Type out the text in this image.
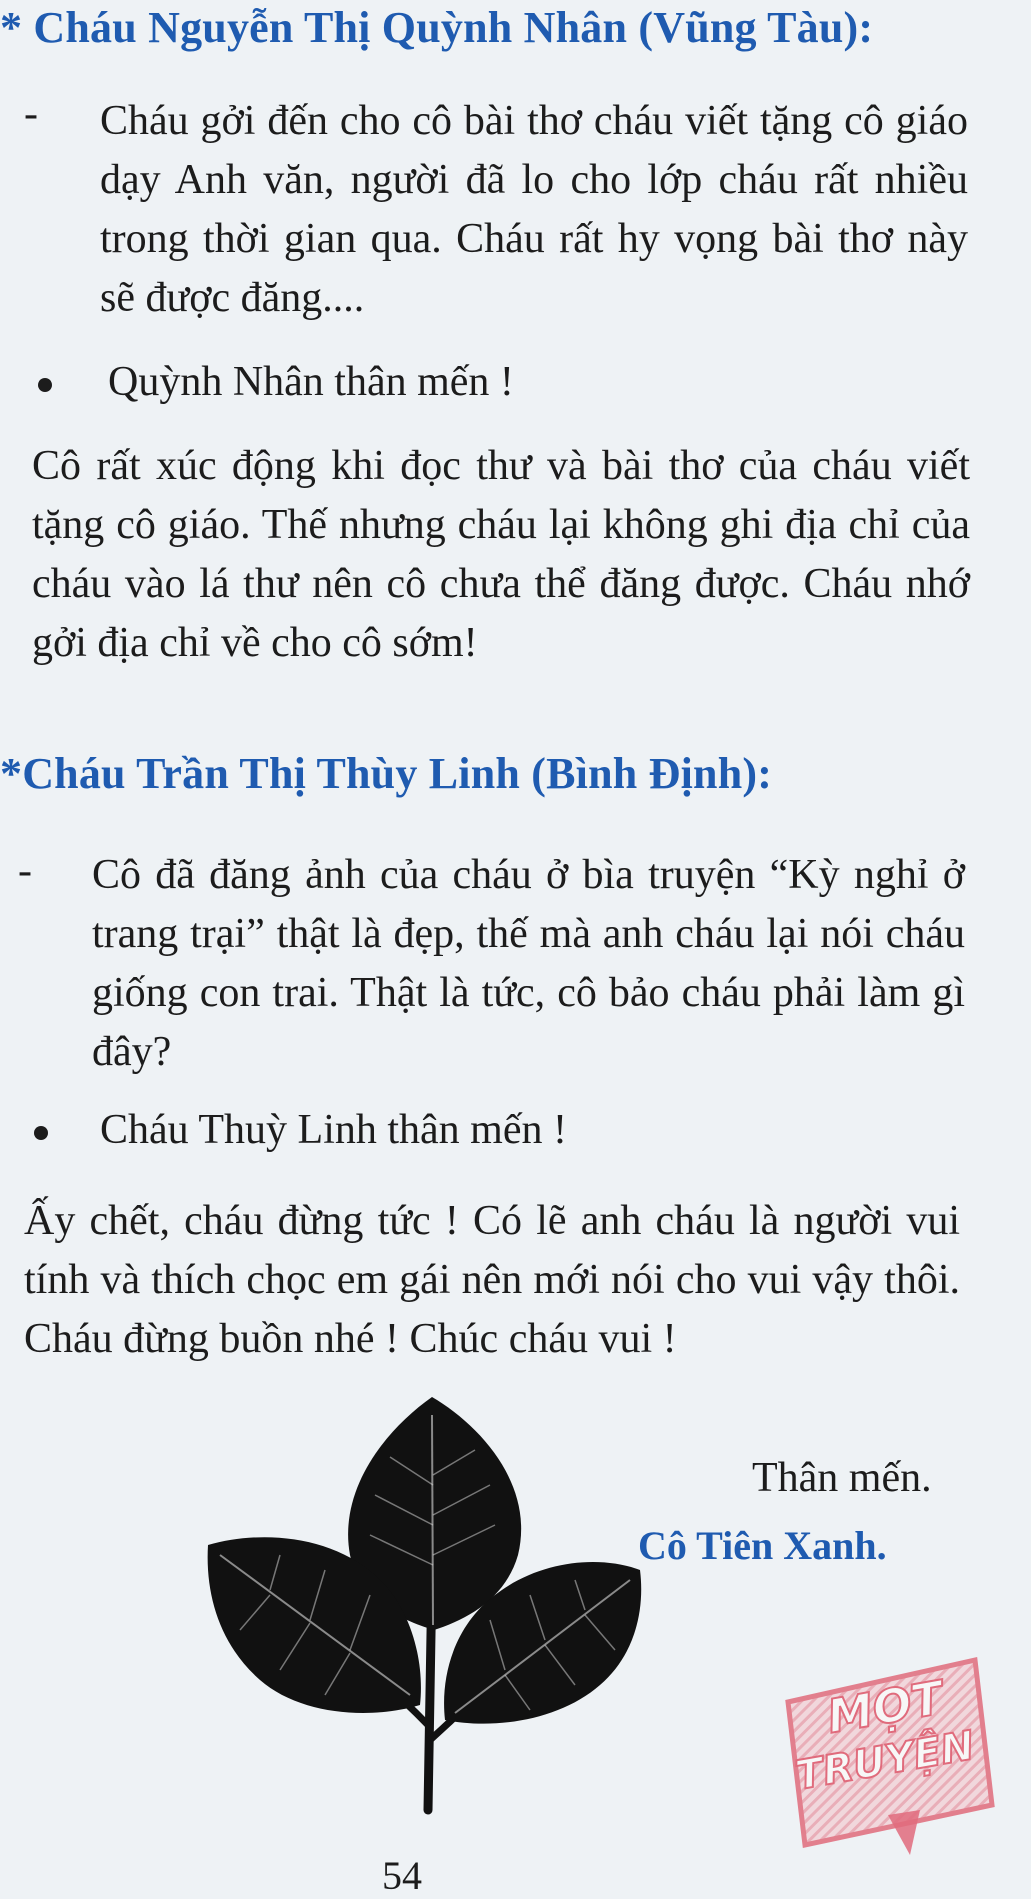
* Cháu Nguyễn Thị Quỳnh Nhân (Vũng Tàu):
- Cháu gởi đến cho cô bài thơ cháu viết tặng cô giáo dạy Anh văn, người đã lo cho lớp cháu rất nhiều trong thời gian qua. Cháu rất hy vọng bài thơ này sẽ được đăng....
Quỳnh Nhân thân mến !
Cô rất xúc động khi đọc thư và bài thơ của cháu viết tặng cô giáo. Thế nhưng cháu lại không ghi địa chỉ của cháu vào lá thư nên cô chưa thể đăng được. Cháu nhớ gởi địa chỉ về cho cô sớm!
*Cháu Trần Thị Thùy Linh (Bình Định):
- Cô đã đăng ảnh của cháu ở bìa truyện “Kỳ nghỉ ở trang trại” thật là đẹp, thế mà anh cháu lại nói cháu giống con trai. Thật là tức, cô bảo cháu phải làm gì đây?
Cháu Thuỳ Linh thân mến !
Ấy chết, cháu đừng tức ! Có lẽ anh cháu là người vui tính và thích chọc em gái nên mới nói cho vui vậy thôi. Cháu đừng buồn nhé ! Chúc cháu vui !
Thân mến.
Cô Tiên Xanh.
54
MỌT
TRUYỆN
